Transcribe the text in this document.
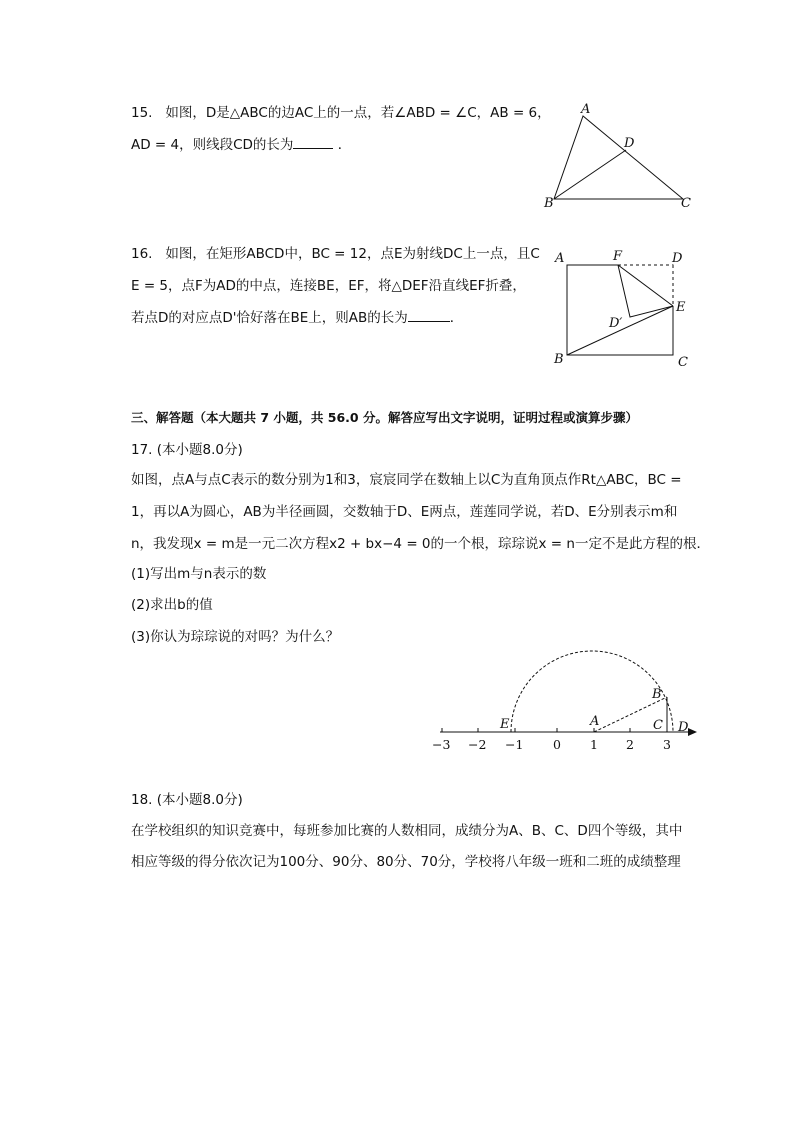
15. 如图，D是△ABC的边AC上的一点，若∠ABD = ∠C，AB = 6，
AD = 4，则线段CD的长为	．
A
B	C
D
16. 如图，在矩形ABCD中，BC = 12，点E为射线DC上一点，且C
E = 5，点F为AD的中点，连接BE，EF，将△DEF沿直线EF折叠，
若点D的对应点D'恰好落在BE上，则AB的长为	．
A	F	D
E
D′
B	C
三、解答题（本大题共 7 小题，共 56.0 分。解答应写出文字说明，证明过程或演算步骤）
17. (本小题8.0分)
如图，点A与点C表示的数分别为1和3，宸宸同学在数轴上以C为直角顶点作Rt△ABC，BC =
1，再以A为圆心，AB为半径画圆，交数轴于D、E两点，莲莲同学说，若D、E分别表示m和
n，我发现x = m是一元二次方程x2 + bx−4 = 0的一个根，琮琮说x = n一定不是此方程的根．
(1)写出m与n表示的数
(2)求出b的值
(3)你认为琮琮说的对吗？为什么？
−3 −2 −1 0 1 2 3
E	A
B
C D
18. (本小题8.0分)
在学校组织的知识竞赛中，每班参加比赛的人数相同，成绩分为A、B、C、D四个等级，其中
相应等级的得分依次记为100分、90分、80分、70分，学校将八年级一班和二班的成绩整理
